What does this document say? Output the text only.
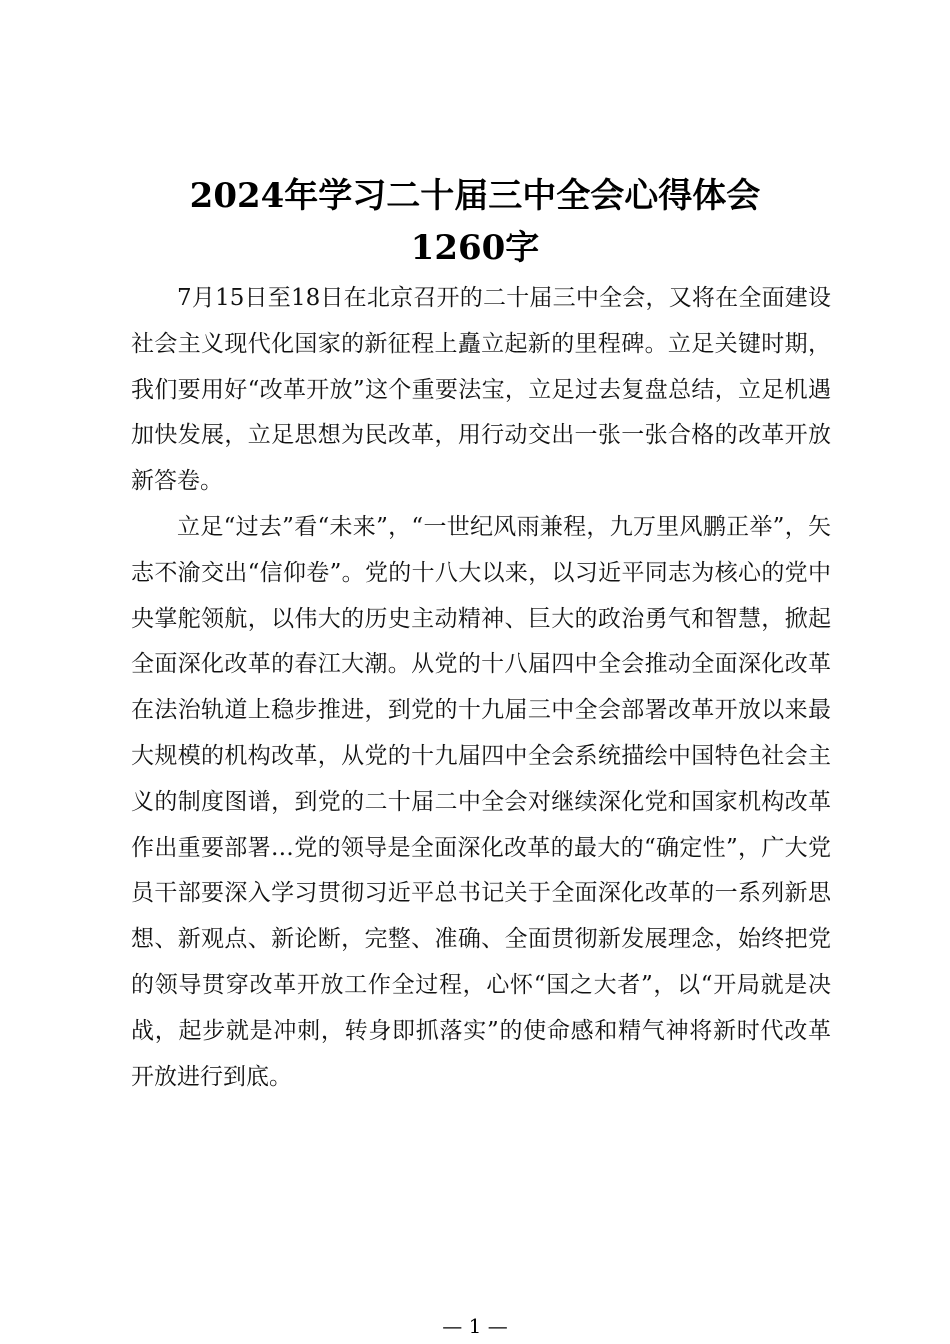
2024年学习二十届三中全会心得体会
1260字

7月15日至18日在北京召开的二十届三中全会，又将在全面建设社会主义现代化国家的新征程上矗立起新的里程碑。立足关键时期，我们要用好“改革开放”这个重要法宝，立足过去复盘总结，立足机遇加快发展，立足思想为民改革，用行动交出一张一张合格的改革开放新答卷。

立足“过去”看“未来”，“一世纪风雨兼程，九万里风鹏正举”，矢志不渝交出“信仰卷”。党的十八大以来，以习近平同志为核心的党中央掌舵领航，以伟大的历史主动精神、巨大的政治勇气和智慧，掀起全面深化改革的春江大潮。从党的十八届四中全会推动全面深化改革在法治轨道上稳步推进，到党的十九届三中全会部署改革开放以来最大规模的机构改革，从党的十九届四中全会系统描绘中国特色社会主义的制度图谱，到党的二十届二中全会对继续深化党和国家机构改革作出重要部署…党的领导是全面深化改革的最大的“确定性”，广大党员干部要深入学习贯彻习近平总书记关于全面深化改革的一系列新思想、新观点、新论断，完整、准确、全面贯彻新发展理念，始终把党的领导贯穿改革开放工作全过程，心怀“国之大者”，以“开局就是决战，起步就是冲刺，转身即抓落实”的使命感和精气神将新时代改革开放进行到底。

— 1 —
